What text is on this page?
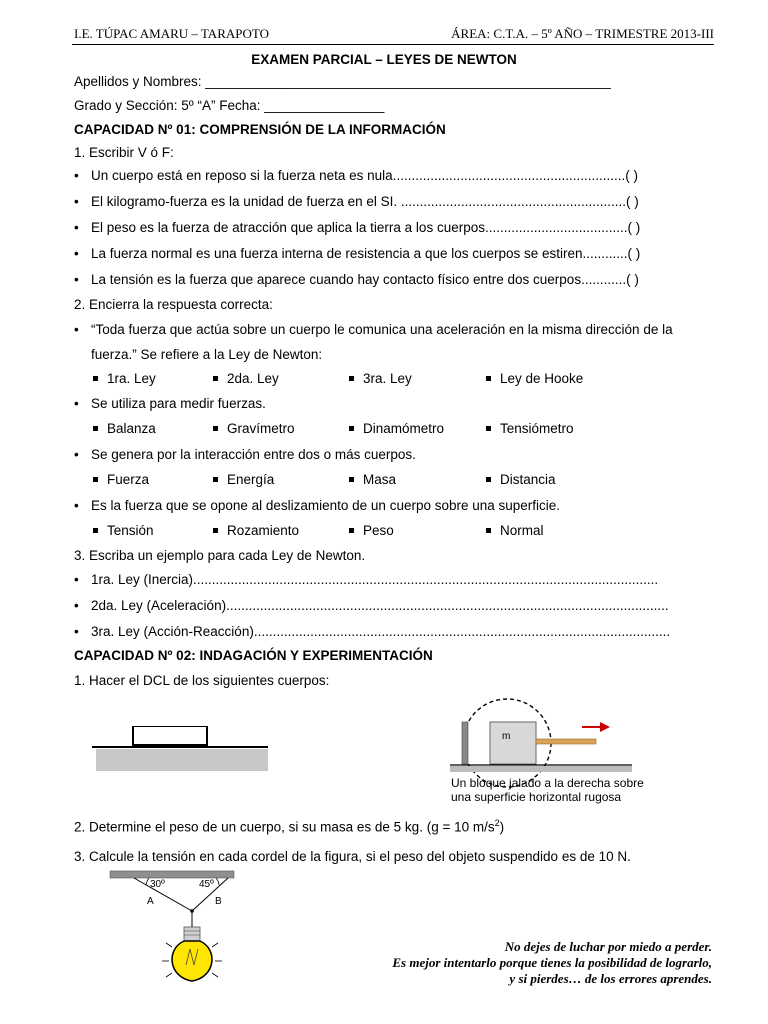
I.E. TÚPAC AMARU – TARAPOTO	ÁREA: C.T.A. – 5º AÑO – TRIMESTRE 2013-III
EXAMEN PARCIAL – LEYES DE NEWTON
Apellidos y Nombres: ______________________________________________________
Grado y Sección: 5º “A” Fecha: ________________
CAPACIDAD Nº 01: COMPRENSIÓN DE LA INFORMACIÓN
1. Escribir V ó F:
• Un cuerpo está en reposo si la fuerza neta es nula..............................................................( )
• El kilogramo-fuerza es la unidad de fuerza en el SI. ............................................................( )
• El peso es la fuerza de atracción que aplica la tierra a los cuerpos......................................( )
• La fuerza normal es una fuerza interna de resistencia a que los cuerpos se estiren............( )
• La tensión es la fuerza que aparece cuando hay contacto físico entre dos cuerpos............( )
2. Encierra la respuesta correcta:
• “Toda fuerza que actúa sobre un cuerpo le comunica una aceleración en la misma dirección de la
fuerza.” Se refiere a la Ley de Newton:
1ra. Ley	2da. Ley	3ra. Ley	Ley de Hooke
• Se utiliza para medir fuerzas.
Balanza	Gravímetro	Dinamómetro	Tensiómetro
• Se genera por la interacción entre dos o más cuerpos.
Fuerza	Energía	Masa	Distancia
• Es la fuerza que se opone al deslizamiento de un cuerpo sobre una superficie.
Tensión	Rozamiento	Peso	Normal
3. Escriba un ejemplo para cada Ley de Newton.
• 1ra. Ley (Inercia)............................................................................................................................
• 2da. Ley (Aceleración)......................................................................................................................
• 3ra. Ley (Acción-Reacción)...............................................................................................................
CAPACIDAD Nº 02: INDAGACIÓN Y EXPERIMENTACIÓN
1. Hacer el DCL de los siguientes cuerpos:
m
Un bloque jalado a la derecha sobre
una superficie horizontal rugosa
2. Determine el peso de un cuerpo, si su masa es de 5 kg. (g = 10 $m/s^2$)
3. Calcule la tensión en cada cordel de la figura, si el peso del objeto suspendido es de 10 N.
30º	45º
A	B
No dejes de luchar por miedo a perder.
Es mejor intentarlo porque tienes la posibilidad de lograrlo,
y si pierdes… de los errores aprendes.
